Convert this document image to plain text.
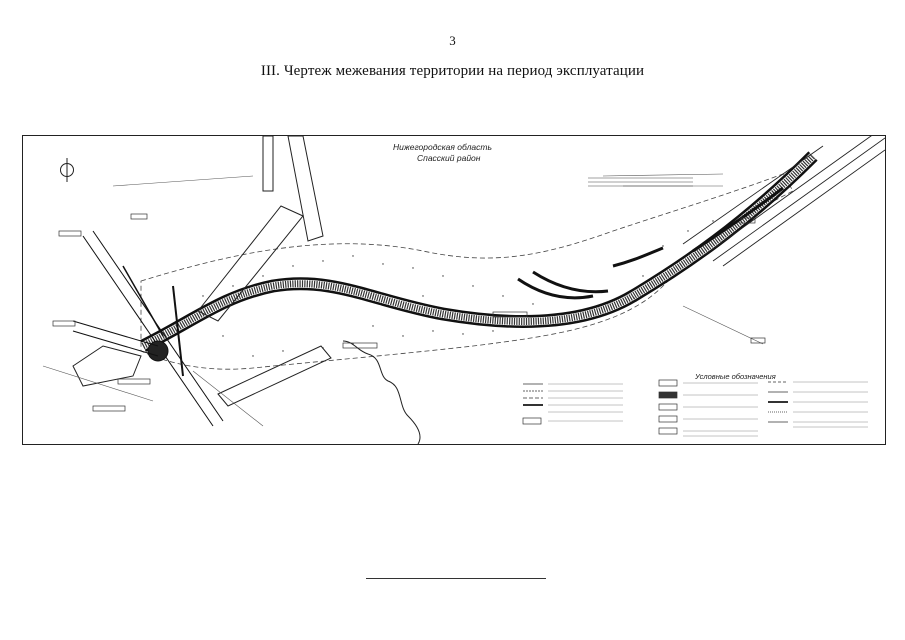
3
III. Чертеж межевания территории на период эксплуатации
Нижегородская область
Спасский район
Условные обозначения
